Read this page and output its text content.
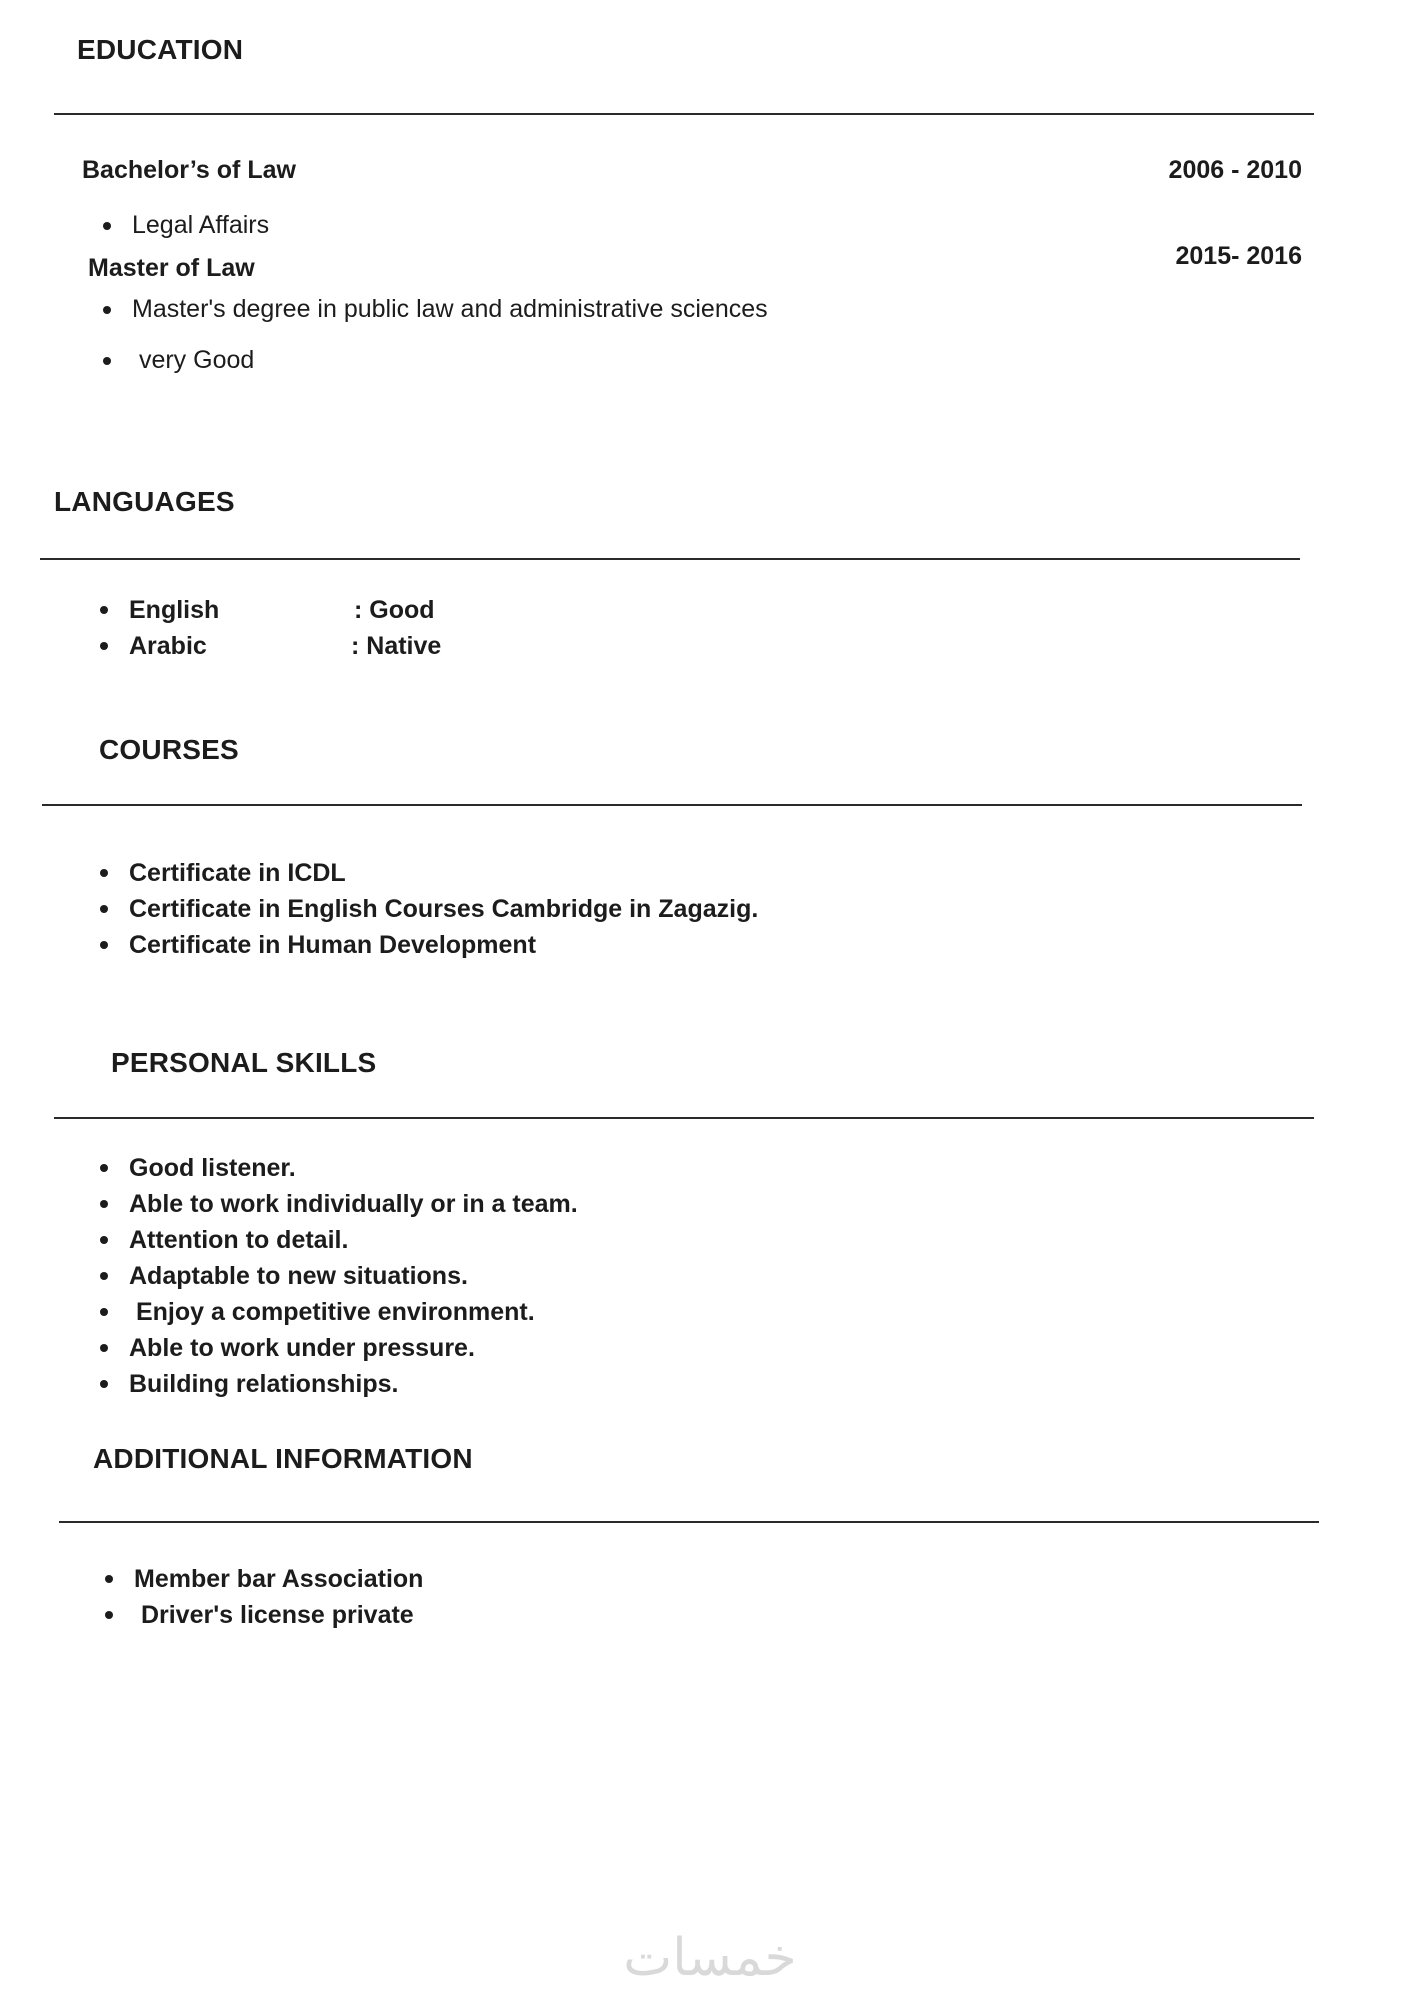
EDUCATION
Bachelor’s of Law	2006 - 2010
Legal Affairs
Master of Law	2015- 2016
Master's degree in public law and administrative sciences
very Good
LANGUAGES
English	: Good
Arabic	: Native
COURSES
Certificate in ICDL
Certificate in English Courses Cambridge in Zagazig.
Certificate in Human Development
PERSONAL SKILLS
Good listener.
Able to work individually or in a team.
Attention to detail.
Adaptable to new situations.
Enjoy a competitive environment.
Able to work under pressure.
Building relationships.
ADDITIONAL INFORMATION
Member bar Association
Driver's license private
خمسات
